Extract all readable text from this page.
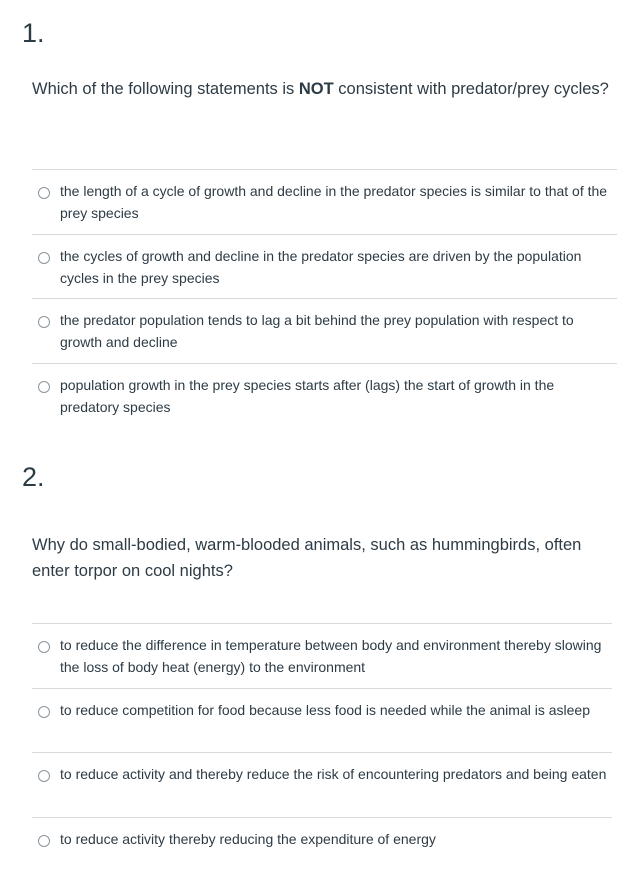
1.
Which of the following statements is NOT consistent with predator/prey cycles?
the length of a cycle of growth and decline in the predator species is similar to that of the prey species
the cycles of growth and decline in the predator species are driven by the population cycles in the prey species
the predator population tends to lag a bit behind the prey population with respect to growth and decline
population growth in the prey species starts after (lags) the start of growth in the predatory species
2.
Why do small-bodied, warm-blooded animals, such as hummingbirds, often enter torpor on cool nights?
to reduce the difference in temperature between body and environment thereby slowing the loss of body heat (energy) to the environment
to reduce competition for food because less food is needed while the animal is asleep
to reduce activity and thereby reduce the risk of encountering predators and being eaten
to reduce activity thereby reducing the expenditure of energy
